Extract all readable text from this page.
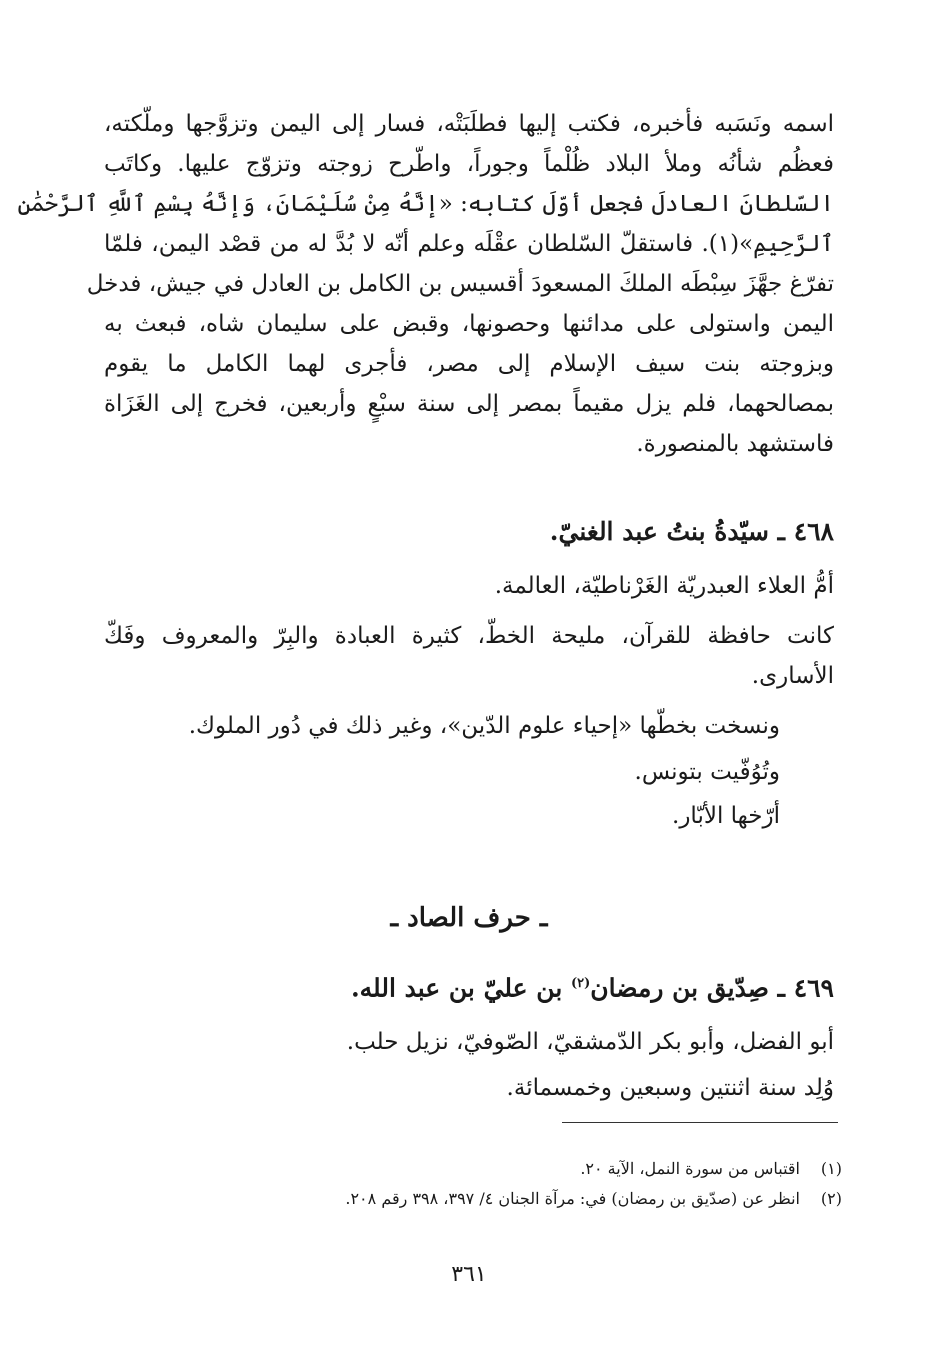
اسمه ونَسَبه فأخبره، فكتب إليها فطلَبَتْه، فسار إلى اليمن وتزوَّجها وملّكته،
فعظُم شأنُه وملأ البلاد ظُلْماً وجوراً، واطّرح زوجته وتزوّج عليها. وكاتَب
السّلطانَ العادلَ فجعل أوّلَ كتابه: «إنَّهُ مِنْ سُلَيْمَانَ، وَإنَّهُ بِسْمِ ٱللَّهِ ٱلرَّحْمَٰنِ
ٱلرَّحِيمِ»(١). فاستقلّ السّلطان عقْلَه وعلم أنّه لا بُدَّ له من قصْد اليمن، فلمّا
تفرّغ جهَّزَ سِبْطَه الملكَ المسعودَ أقسيس بن الكامل بن العادل في جيش، فدخل
اليمن واستولى على مدائنها وحصونها، وقبض على سليمان شاه، فبعث به
وبزوجته بنت سيف الإسلام إلى مصر، فأجرى لهما الكامل ما يقوم
بمصالحهما، فلم يزل مقيماً بمصر إلى سنة سبْعٍ وأربعين، فخرج إلى الغَزَاة
فاستشهد بالمنصورة.
٤٦٨ ـ سيّدةُ بنتُ عبد الغنيّ.
أمُّ العلاء العبدريّة الغَرْناطيّة، العالمة.
كانت حافظة للقرآن، مليحة الخطّ، كثيرة العبادة والبِرّ والمعروف وفَكّ
الأسارى.
ونسخت بخطّها «إحياء علوم الدّين»، وغير ذلك في دُور الملوك.
وتُوُفّيت بتونس.
أرّخها الأبّار.
ـ حرف الصاد ـ
٤٦٩ ـ صِدّيق بن رمضان$^{(٢)}$ بن عليّ بن عبد الله.
أبو الفضل، وأبو بكر الدّمشقيّ، الصّوفيّ، نزيل حلب.
وُلِد سنة اثنتين وسبعين وخمسمائة.
(١)اقتباس من سورة النمل، الآية ٢٠.
(٢)انظر عن (صدّيق بن رمضان) في: مرآة الجنان ٤/ ٣٩٧، ٣٩٨ رقم ٢٠٨.
٣٦١
